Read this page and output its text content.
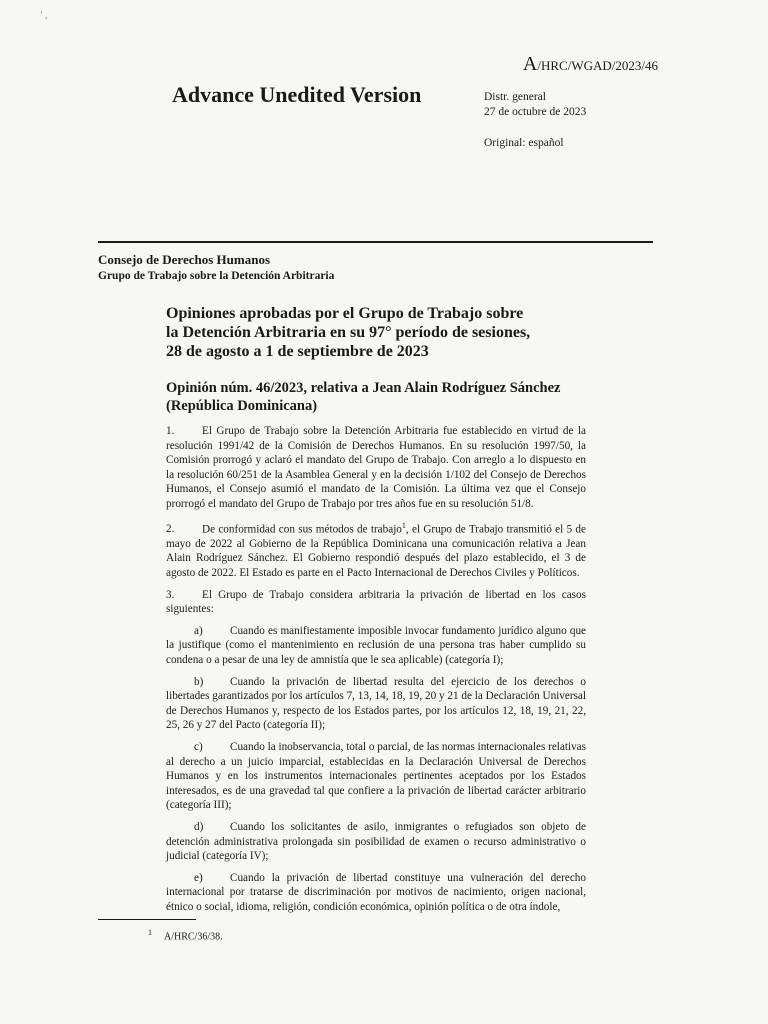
’ ‚
A/HRC/WGAD/2023/46
Advance Unedited Version	Distr. general
27 de octubre de 2023
Original: español
Consejo de Derechos Humanos
Grupo de Trabajo sobre la Detención Arbitraria
Opiniones aprobadas por el Grupo de Trabajo sobre
la Detención Arbitraria en su 97° período de sesiones,
28 de agosto a 1 de septiembre de 2023
Opinión núm. 46/2023, relativa a Jean Alain Rodríguez Sánchez
(República Dominicana)

1. El Grupo de Trabajo sobre la Detención Arbitraria fue establecido en virtud de la resolución 1991/42 de la Comisión de Derechos Humanos. En su resolución 1997/50, la Comisión prorrogó y aclaró el mandato del Grupo de Trabajo. Con arreglo a lo dispuesto en la resolución 60/251 de la Asamblea General y en la decisión 1/102 del Consejo de Derechos Humanos, el Consejo asumió el mandato de la Comisión. La última vez que el Consejo prorrogó el mandato del Grupo de Trabajo por tres años fue en su resolución 51/8.

2. De conformidad con sus métodos de trabajo$^1$, el Grupo de Trabajo transmitió el 5 de mayo de 2022 al Gobierno de la República Dominicana una comunicación relativa a Jean Alain Rodríguez Sánchez. El Gobierno respondió después del plazo establecido, el 3 de agosto de 2022. El Estado es parte en el Pacto Internacional de Derechos Civiles y Políticos.

3. El Grupo de Trabajo considera arbitraria la privación de libertad en los casos siguientes:

a) Cuando es manifiestamente imposible invocar fundamento jurídico alguno que la justifique (como el mantenimiento en reclusión de una persona tras haber cumplido su condena o a pesar de una ley de amnistía que le sea aplicable) (categoría I);

b) Cuando la privación de libertad resulta del ejercicio de los derechos o libertades garantizados por los artículos 7, 13, 14, 18, 19, 20 y 21 de la Declaración Universal de Derechos Humanos y, respecto de los Estados partes, por los artículos 12, 18, 19, 21, 22, 25, 26 y 27 del Pacto (categoría II);

c) Cuando la inobservancia, total o parcial, de las normas internacionales relativas al derecho a un juicio imparcial, establecidas en la Declaración Universal de Derechos Humanos y en los instrumentos internacionales pertinentes aceptados por los Estados interesados, es de una gravedad tal que confiere a la privación de libertad carácter arbitrario (categoría III);

d) Cuando los solicitantes de asilo, inmigrantes o refugiados son objeto de detención administrativa prolongada sin posibilidad de examen o recurso administrativo o judicial (categoría IV);

e) Cuando la privación de libertad constituye una vulneración del derecho internacional por tratarse de discriminación por motivos de nacimiento, origen nacional, étnico o social, idioma, religión, condición económica, opinión política o de otra índole,

$^1$ A/HRC/36/38.
